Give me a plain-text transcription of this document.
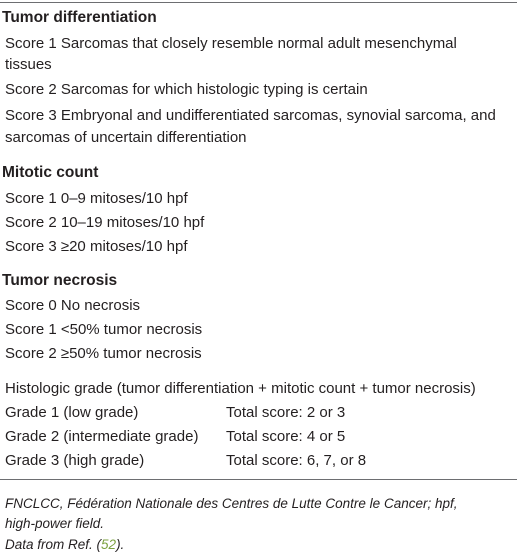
Tumor differentiation
Score 1 Sarcomas that closely resemble normal adult mesenchymal
tissues
Score 2 Sarcomas for which histologic typing is certain
Score 3 Embryonal and undifferentiated sarcomas, synovial sarcoma, and
sarcomas of uncertain differentiation
Mitotic count
Score 1 0–9 mitoses/10 hpf
Score 2 10–19 mitoses/10 hpf
Score 3 ≥20 mitoses/10 hpf
Tumor necrosis
Score 0 No necrosis
Score 1 <50% tumor necrosis
Score 2 ≥50% tumor necrosis
Histologic grade (tumor differentiation + mitotic count + tumor necrosis)
Grade 1 (low grade)	Total score: 2 or 3
Grade 2 (intermediate grade) Total score: 4 or 5
Grade 3 (high grade)	Total score: 6, 7, or 8
FNCLCC, Fédération Nationale des Centres de Lutte Contre le Cancer; hpf,
high-power field.
Data from Ref. (52).
